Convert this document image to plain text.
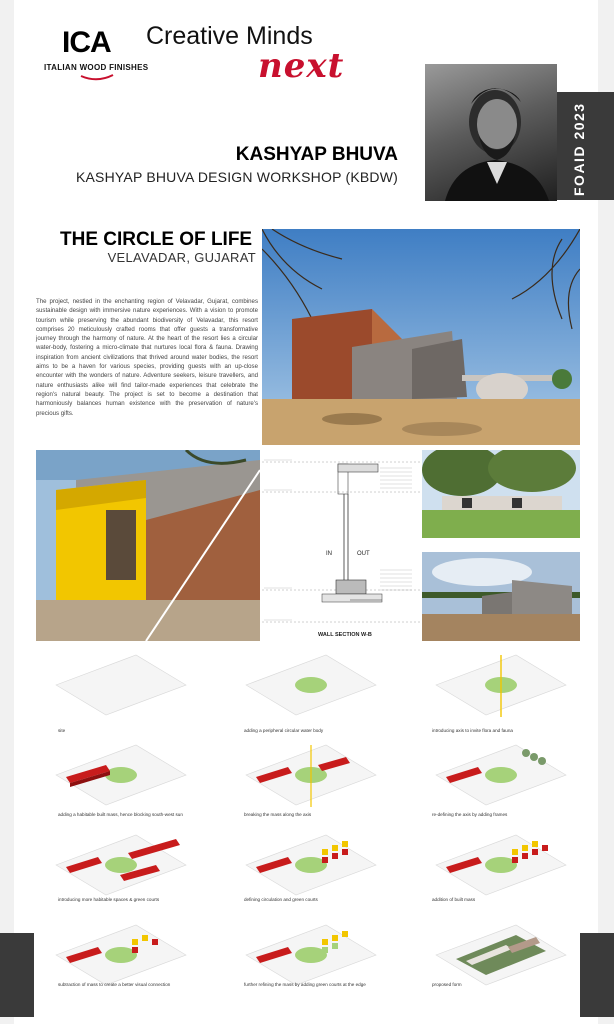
ICA
ITALIAN WOOD FINISHES
Creative Minds
next
FOAID 2023
KASHYAP BHUVA
KASHYAP BHUVA DESIGN WORKSHOP (KBDW)
THE CIRCLE OF LIFE
VELAVADAR, GUJARAT
The project, nestled in the enchanting region of Velavadar, Gujarat, combines sustainable design with immersive nature experiences. With a vision to promote tourism while preserving the abundant biodiversity of Velavadar, this resort comprises 20 meticulously crafted rooms that offer guests a transformative journey through the harmony of nature. At the heart of the resort lies a circular water-body, fostering a micro-climate that nurtures local flora & fauna. Drawing inspiration from ancient civilizations that thrived around water bodies, the resort aims to be a haven for various species, providing guests with an up-close encounter with the wonders of nature. Adventure seekers, leisure travellers, and nature enthusiasts alike will find tailor-made experiences that celebrate the region's natural beauty. The project is set to become a destination that harmoniously balances human existence with the preservation of nature's precious gifts.
IN	OUT
WALL SECTION W-B
site	adding a peripheral circular water body	introducing axis to invite flora and fauna
adding a habitable built mass, hence blocking south-west sun	breaking the mass along the axis	re-defining the axis by adding frames
introducing more habitable spaces & green courts	defining circulation and green courts	addition of built mass
subtraction of mass to create a better visual connection	further refining the mass by adding green courts at the edge	proposed form
